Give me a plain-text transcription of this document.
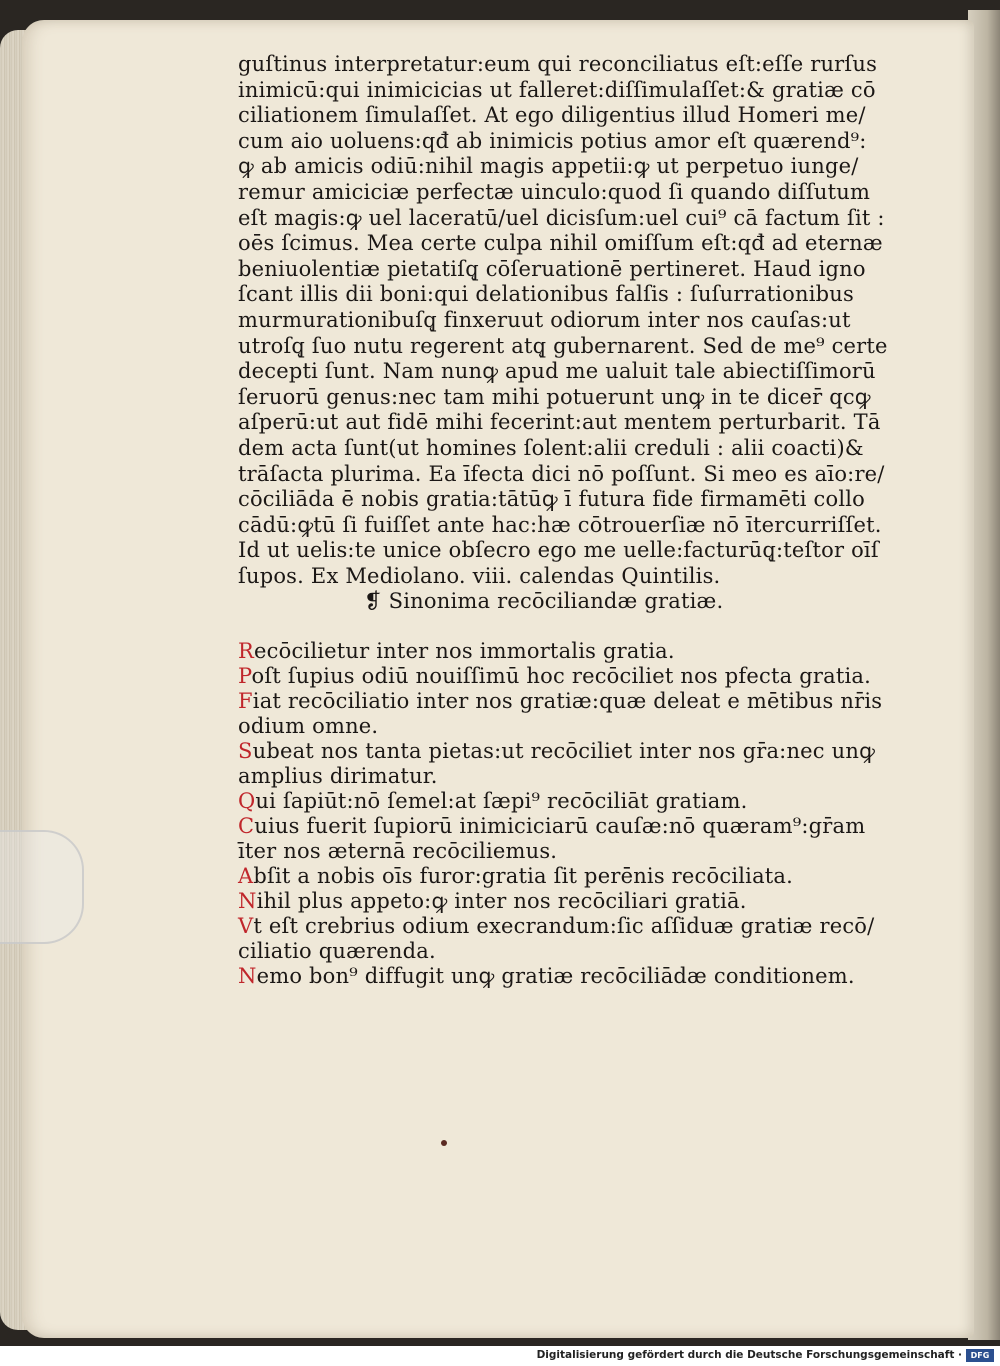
guſtinus interpretatur:eum qui reconciliatus eſt:eſſe rurſus
inimicū:qui inimicicias ut falleret:diſſimulaſſet:& gratiæ cō
ciliationem ſimulaſſet. At ego diligentius illud Homeri me/
cum aio uoluens:qđ ab inimicis potius amor eſt quærend⁹:
ꝙ ab amicis odiū:nihil magis appetii:ꝙ ut perpetuo iunge/
remur amiciciæ perfectæ uinculo:quod ſi quando diſſutum
eſt magis:ꝙ uel laceratū/uel dicisſum:uel cui⁹ cā factum ſit :
oēs ſcimus. Mea certe culpa nihil omiſſum eſt:qđ ad eternæ
beniuolentiæ pietatiſq̨ cōſeruationē pertineret. Haud igno
ſcant illis dii boni:qui delationibus falſis : ſuſurrationibus
murmurationibuſq̨ finxeruut odiorum inter nos cauſas:ut
utroſq̨ ſuo nutu regerent atq̨ gubernarent. Sed de me⁹ certe
decepti ſunt. Nam nunꝙ apud me ualuit tale abiectiſſimorū
ſeruorū genus:nec tam mihi potuerunt unꝙ in te dicer̄ qcꝙ
aſperū:ut aut fidē mihi fecerint:aut mentem perturbarit. Tā
dem acta ſunt(ut homines ſolent:alii creduli : alii coacti)&
trāſacta plurima. Ea īfecta dici nō poſſunt. Si meo es aīo:re/
cōciliāda ē nobis gratia:tātūꝙ ī futura fide firmamēti collo
cādū:ꝙtū ſi fuiſſet ante hac:hæ cōtrouerſiæ nō ītercurriſſet.
Id ut uelis:te unice obſecro ego me uelle:facturūq̨:teſtor oīſ
ſupos. Ex Mediolano. viii. calendas Quintilis.
❡ Sinonima recōciliandæ gratiæ.
Recōcilietur inter nos immortalis gratia.
Poſt ſupius odiū nouiſſimū hoc recōciliet nos pfecta gratia.
Fiat recōciliatio inter nos gratiæ:quæ deleat e mētibus nr̄is
odium omne.
Subeat nos tanta pietas:ut recōciliet inter nos gr̄a:nec unꝙ
amplius dirimatur.
Qui ſapiūt:nō ſemel:at ſæpi⁹ recōciliāt gratiam.
Cuius fuerit ſupiorū inimiciciarū cauſæ:nō quæram⁹:gr̄am
īter nos æternā recōciliemus.
Abſit a nobis oīs furor:gratia ſit perēnis recōciliata.
Nihil plus appeto:ꝙ inter nos recōciliari gratiā.
Vt eſt crebrius odium execrandum:ſic aſſiduæ gratiæ recō/
ciliatio quærenda.
Nemo bon⁹ diffugit unꝙ gratiæ recōciliādæ conditionem.
Digitalisierung gefördert durch die Deutsche Forschungsgemeinschaft ·	DFG
